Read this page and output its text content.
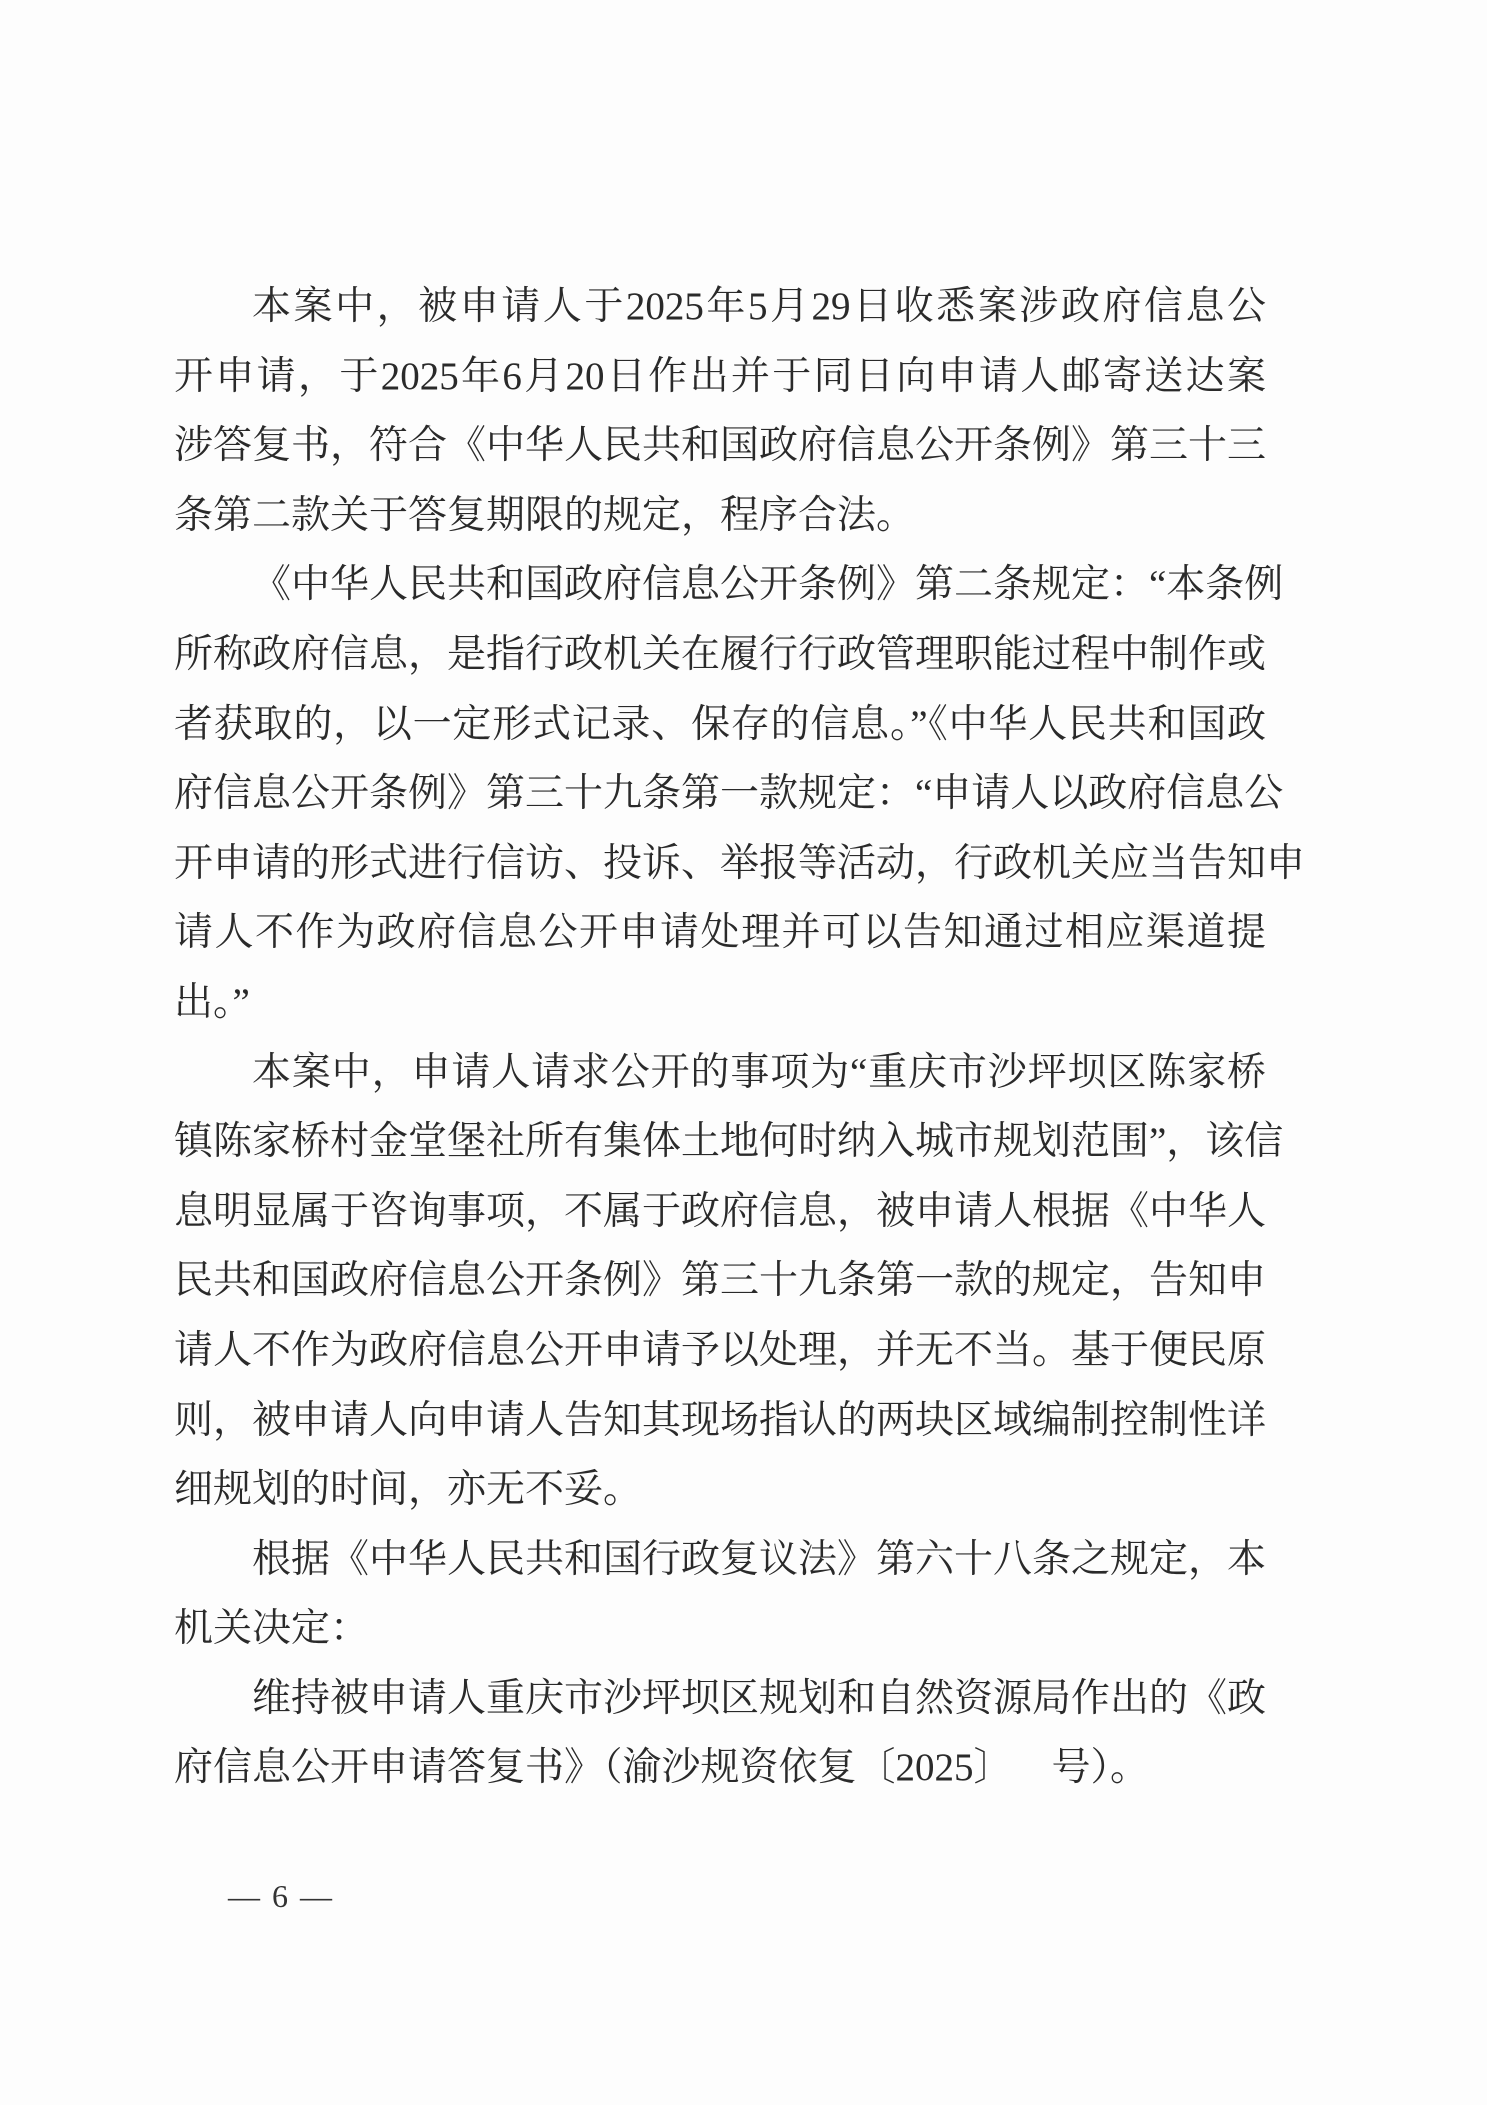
本案中，被申请人于2025年5月29日收悉案涉政府信息公
开申请，于2025年6月20日作出并于同日向申请人邮寄送达案
涉答复书，符合《中华人民共和国政府信息公开条例》第三十三
条第二款关于答复期限的规定，程序合法。
《中华人民共和国政府信息公开条例》第二条规定：“本条例
所称政府信息，是指行政机关在履行行政管理职能过程中制作或
者获取的，以一定形式记录、保存的信息。”《中华人民共和国政
府信息公开条例》第三十九条第一款规定：“申请人以政府信息公
开申请的形式进行信访、投诉、举报等活动，行政机关应当告知申
请人不作为政府信息公开申请处理并可以告知通过相应渠道提
出。”
本案中，申请人请求公开的事项为“重庆市沙坪坝区陈家桥
镇陈家桥村金堂堡社所有集体土地何时纳入城市规划范围”，该信
息明显属于咨询事项，不属于政府信息，被申请人根据《中华人
民共和国政府信息公开条例》第三十九条第一款的规定，告知申
请人不作为政府信息公开申请予以处理，并无不当。基于便民原
则，被申请人向申请人告知其现场指认的两块区域编制控制性详
细规划的时间，亦无不妥。
根据《中华人民共和国行政复议法》第六十八条之规定，本
机关决定：
维持被申请人重庆市沙坪坝区规划和自然资源局作出的《政
府信息公开申请答复书》（渝沙规资依复〔2025〕    号）。
— 6 —
